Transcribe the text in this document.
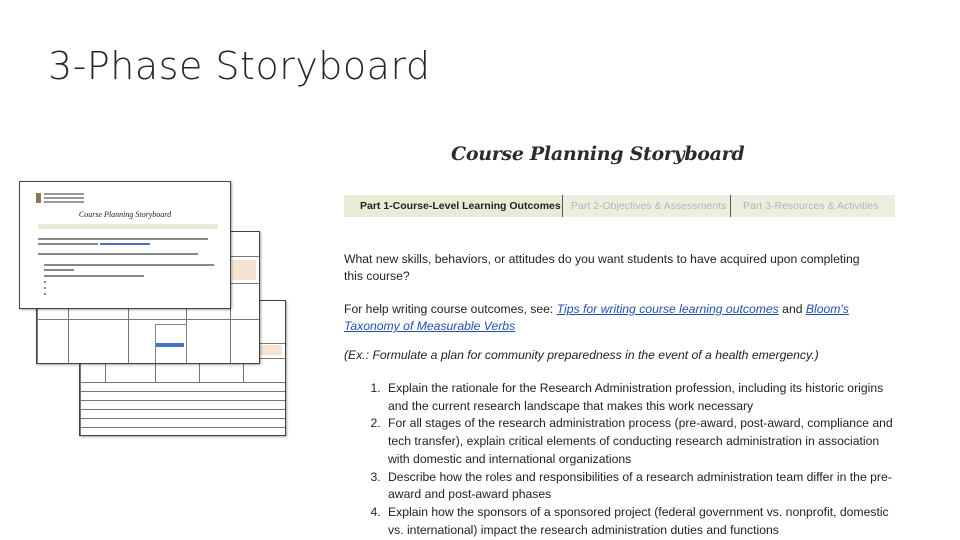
3-Phase Storyboard
Course Planning Storyboard
Course Planning Storyboard
Part 1-Course-Level Learning Outcomes Part 2-Objectives & Assessments	Part 3-Resources & Activities
What new skills, behaviors, or attitudes do you want students to have acquired upon completing this course?
For help writing course outcomes, see: Tips for writing course learning outcomes and Bloom's Taxonomy of Measurable Verbs
(Ex.: Formulate a plan for community preparedness in the event of a health emergency.)
1. Explain the rationale for the Research Administration profession, including its historic origins and the current research landscape that makes this work necessary
2. For all stages of the research administration process (pre-award, post-award, compliance and tech transfer), explain critical elements of conducting research administration in association with domestic and international organizations
3. Describe how the roles and responsibilities of a research administration team differ in the pre-award and post-award phases
4. Explain how the sponsors of a sponsored project (federal government vs. nonprofit, domestic vs. international) impact the research administration duties and functions
